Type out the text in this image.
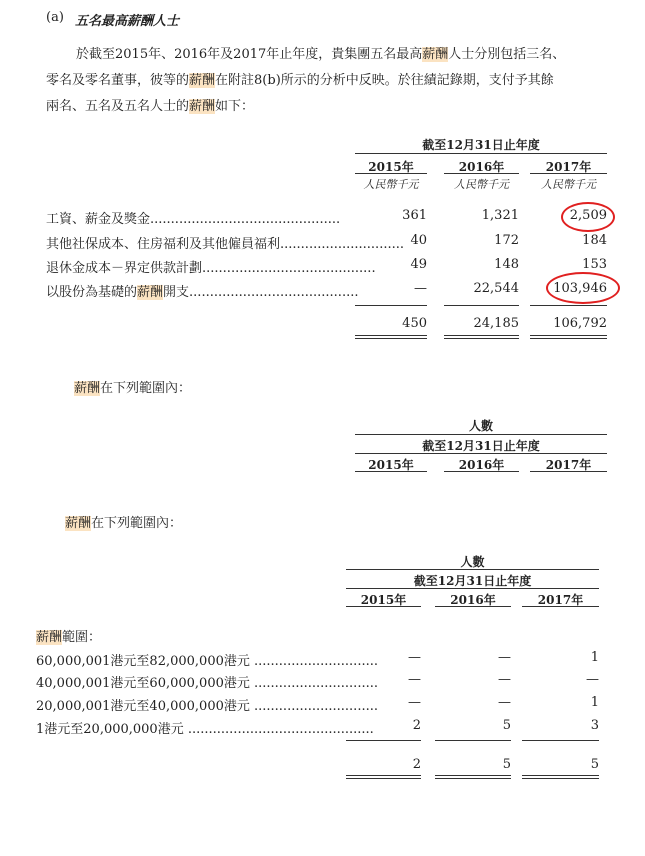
(a) 五名最高薪酬人士
於截至2015年、2016年及2017年止年度，貴集團五名最高薪酬人士分別包括三名、
零名及零名董事，彼等的薪酬在附註8(b)所示的分析中反映。於往績記錄期，支付予其餘
兩名、五名及五名人士的薪酬如下：
截至12月31日止年度
2015年	2016年	2017年
人民幣千元	人民幣千元	人民幣千元
工資、薪金及獎金..............................................	361	1,321	2,509
其他社保成本、住房福利及其他僱員福利.............................. 40	172	184
退休金成本－界定供款計劃..........................................	49	148	153
以股份為基礎的薪酬開支.........................................	—	22,544	103,946
450	24,185	106,792
薪酬在下列範圍內：
人數
截至12月31日止年度
2015年	2016年	2017年
薪酬在下列範圍內：
人數
截至12月31日止年度
2015年	2016年	2017年
薪酬範圍：
60,000,001港元至82,000,000港元 ..............................	—	—	1
40,000,001港元至60,000,000港元 ..............................	—	—	—
20,000,001港元至40,000,000港元 ..............................	—	—	1
1港元至20,000,000港元 .............................................	2	5	3
2	5	5
